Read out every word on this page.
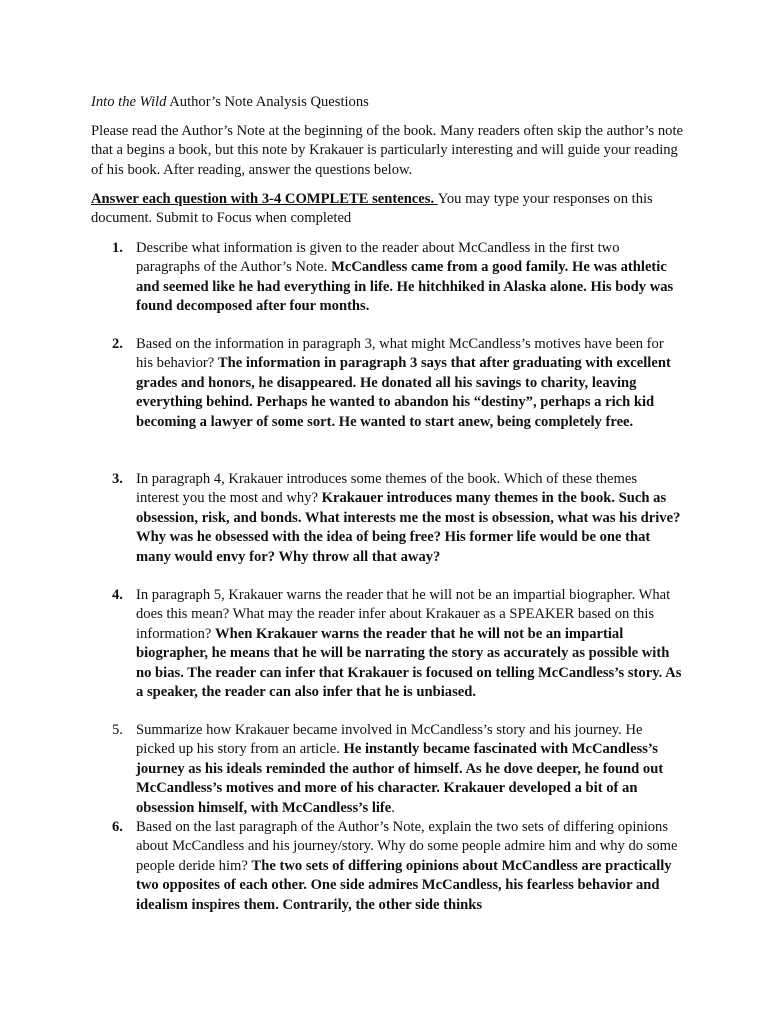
Into the Wild Author’s Note Analysis Questions

Please read the Author’s Note at the beginning of the book. Many readers often skip the author’s note that a begins a book, but this note by Krakauer is particularly interesting and will guide your reading of his book. After reading, answer the questions below.

Answer each question with 3-4 COMPLETE sentences. You may type your responses on this document. Submit to Focus when completed

1. Describe what information is given to the reader about McCandless in the first two paragraphs of the Author’s Note. McCandless came from a good family. He was athletic and seemed like he had everything in life. He hitchhiked in Alaska alone. His body was found decomposed after four months.

2. Based on the information in paragraph 3, what might McCandless’s motives have been for his behavior? The information in paragraph 3 says that after graduating with excellent grades and honors, he disappeared. He donated all his savings to charity, leaving everything behind. Perhaps he wanted to abandon his “destiny”, perhaps a rich kid becoming a lawyer of some sort. He wanted to start anew, being completely free.

3. In paragraph 4, Krakauer introduces some themes of the book. Which of these themes interest you the most and why? Krakauer introduces many themes in the book. Such as obsession, risk, and bonds. What interests me the most is obsession, what was his drive? Why was he obsessed with the idea of being free? His former life would be one that many would envy for? Why throw all that away?

4. In paragraph 5, Krakauer warns the reader that he will not be an impartial biographer. What does this mean? What may the reader infer about Krakauer as a SPEAKER based on this information? When Krakauer warns the reader that he will not be an impartial biographer, he means that he will be narrating the story as accurately as possible with no bias. The reader can infer that Krakauer is focused on telling McCandless’s story. As a speaker, the reader can also infer that he is unbiased.

5. Summarize how Krakauer became involved in McCandless’s story and his journey. He picked up his story from an article. He instantly became fascinated with McCandless’s journey as his ideals reminded the author of himself. As he dove deeper, he found out McCandless’s motives and more of his character. Krakauer developed a bit of an obsession himself, with McCandless’s life.

6. Based on the last paragraph of the Author’s Note, explain the two sets of differing opinions about McCandless and his journey/story. Why do some people admire him and why do some people deride him? The two sets of differing opinions about McCandless are practically two opposites of each other. One side admires McCandless, his fearless behavior and idealism inspires them. Contrarily, the other side thinks
